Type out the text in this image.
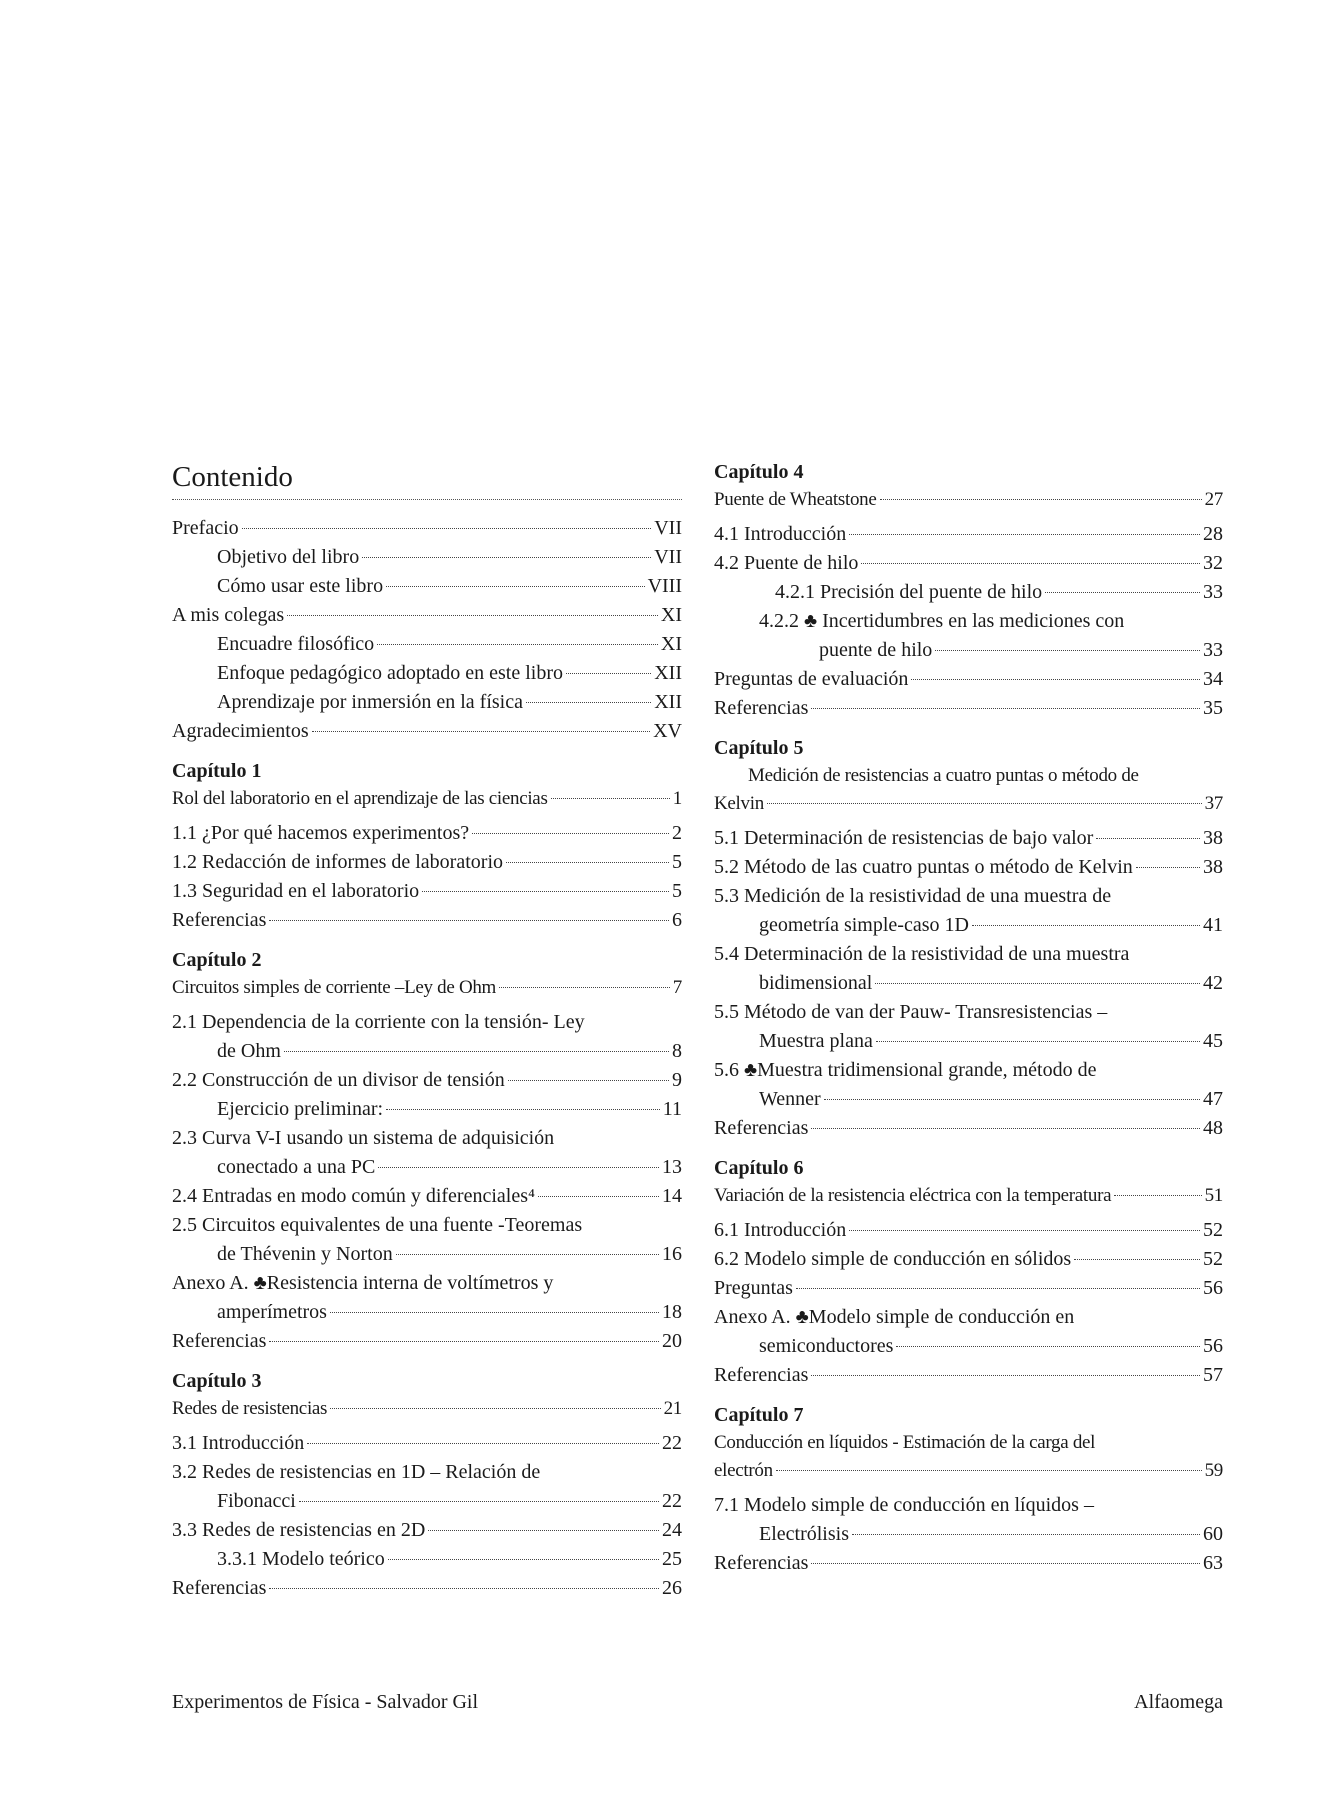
Contenido
Prefacio	VII
Objetivo del libro	VII
Cómo usar este libro	VIII
A mis colegas	XI
Encuadre filosófico	XI
Enfoque pedagógico adoptado en este libro	XII
Aprendizaje por inmersión en la física	XII
Agradecimientos	XV
Capítulo 1
Rol del laboratorio en el aprendizaje de las ciencias	1
1.1 ¿Por qué hacemos experimentos?	2
1.2 Redacción de informes de laboratorio	5
1.3 Seguridad en el laboratorio	5
Referencias	6
Capítulo 2
Circuitos simples de corriente –Ley de Ohm	7
2.1 Dependencia de la corriente con la tensión- Ley
de Ohm	8
2.2 Construcción de un divisor de tensión	9
Ejercicio preliminar:	11
2.3 Curva V-I usando un sistema de adquisición
conectado a una PC	13
2.4 Entradas en modo común y diferenciales⁴	14
2.5 Circuitos equivalentes de una fuente -Teoremas
de Thévenin y Norton	16
Anexo A. ♣Resistencia interna de voltímetros y
amperímetros	18
Referencias	20
Capítulo 3
Redes de resistencias	21
3.1 Introducción	22
3.2 Redes de resistencias en 1D – Relación de
Fibonacci	22
3.3 Redes de resistencias en 2D	24
3.3.1 Modelo teórico	25
Referencias	26
Capítulo 4
Puente de Wheatstone	27
4.1 Introducción	28
4.2 Puente de hilo	32
4.2.1 Precisión del puente de hilo	33
4.2.2 ♣ Incertidumbres en las mediciones con
puente de hilo	33
Preguntas de evaluación	34
Referencias	35
Capítulo 5
Medición de resistencias a cuatro puntas o método de
Kelvin	37
5.1 Determinación de resistencias de bajo valor	38
5.2 Método de las cuatro puntas o método de Kelvin	38
5.3 Medición de la resistividad de una muestra de
geometría simple-caso 1D	41
5.4 Determinación de la resistividad de una muestra
bidimensional	42
5.5 Método de van der Pauw- Transresistencias –
Muestra plana	45
5.6 ♣Muestra tridimensional grande, método de
Wenner	47
Referencias	48
Capítulo 6
Variación de la resistencia eléctrica con la temperatura	51
6.1 Introducción	52
6.2 Modelo simple de conducción en sólidos	52
Preguntas	56
Anexo A. ♣Modelo simple de conducción en
semiconductores	56
Referencias	57
Capítulo 7
Conducción en líquidos - Estimación de la carga del
electrón	59
7.1 Modelo simple de conducción en líquidos –
Electrólisis	60
Referencias	63
Experimentos de Física - Salvador Gil	Alfaomega
